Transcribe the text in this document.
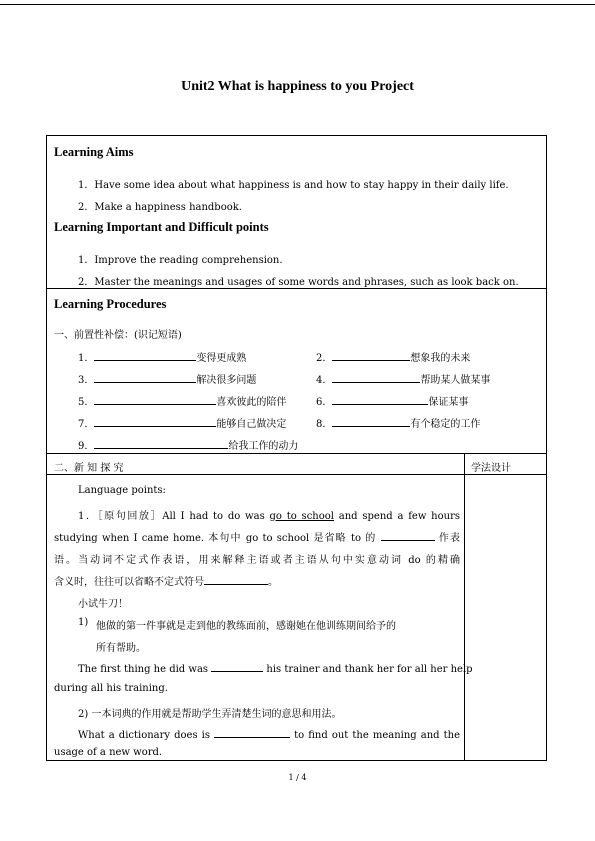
Unit2 What is happiness to you Project
Learning Aims
1．Have some idea about what happiness is and how to stay happy in their daily life.
2．Make a happiness handbook.
Learning Important and Difficult points
1．Improve the reading comprehension.
2．Master the meanings and usages of some words and phrases, such as look back on.
Learning Procedures
一、前置性补偿：(识记短语)
1．	变得更成熟	2．	想象我的未来
3．	解决很多问题	4．	帮助某人做某事
5．	喜欢彼此的陪伴	6．	保证某事
7．	能够自己做决定	8．	有个稳定的工作
9．	给我工作的动力
二、新 知 探 究	学法设计
Language points:
1．［原句回放］All I had to do was go to school and spend a few hours
studying when I came home. 本句中 go to school 是省略 to 的	作表
语。当动词不定式作表语，用来解释主语或者主语从句中实意动词 do 的精确
含义时，往往可以省略不定式符号	。
小试牛刀！
1) 他做的第一件事就是走到他的教练面前，感谢她在他训练期间给予的
所有帮助。
The first thing he did was	his trainer and thank her for all her help
during all his training.
2) 一本词典的作用就是帮助学生弄清楚生词的意思和用法。
What a dictionary does is	to find out the meaning and the
usage of a new word.
1 / 4
